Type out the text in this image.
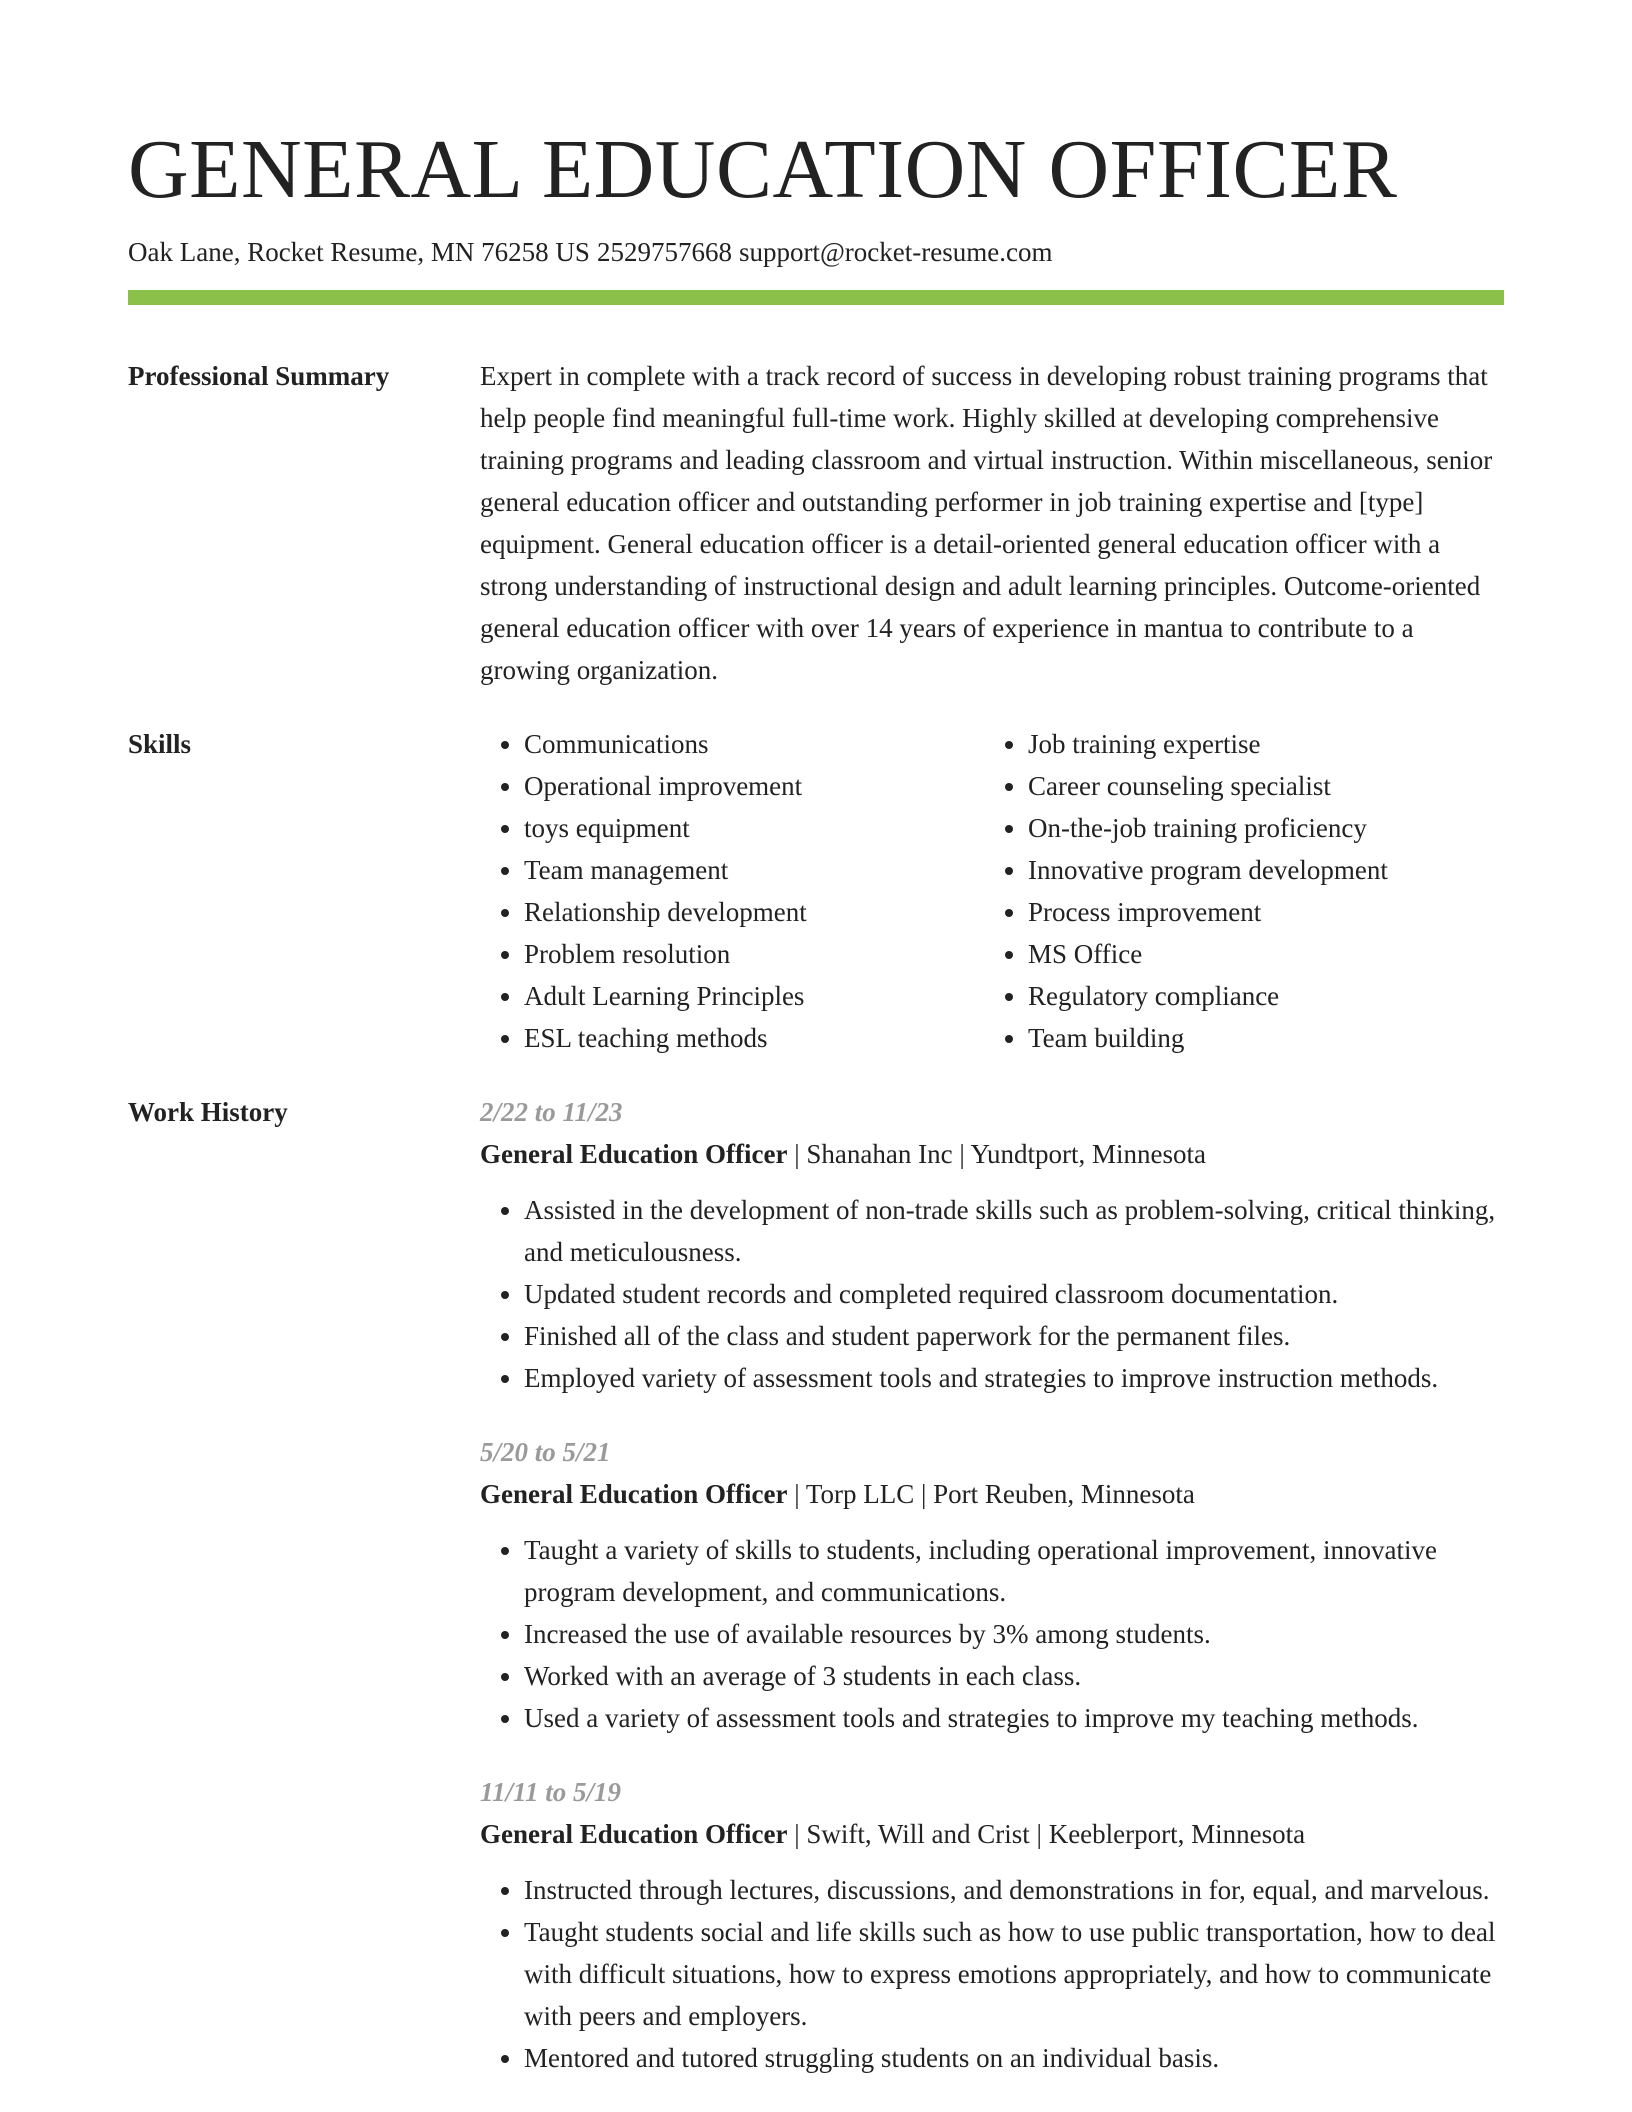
GENERAL EDUCATION OFFICER
Oak Lane, Rocket Resume, MN 76258 US 2529757668 support@rocket-resume.com
Professional Summary	Expert in complete with a track record of success in developing robust training programs that help people find meaningful full-time work. Highly skilled at developing comprehensive training programs and leading classroom and virtual instruction. Within miscellaneous, senior general education officer and outstanding performer in job training expertise and [type] equipment. General education officer is a detail-oriented general education officer with a strong understanding of instructional design and adult learning principles. Outcome-oriented general education officer with over 14 years of experience in mantua to contribute to a growing organization.

Skills
•	Communications
• Operational improvement
• toys equipment
• Team management
• Relationship development
• Problem resolution
• Adult Learning Principles
• ESL teaching methods
• Job training expertise
• Career counseling specialist
• On-the-job training proficiency
• Innovative program development
• Process improvement
• MS Office
• Regulatory compliance
• Team building
Work History	2/22 to 11/23
General Education Officer | Shanahan Inc | Yundtport, Minnesota
• Assisted in the development of non-trade skills such as problem-solving, critical thinking, and meticulousness.
• Updated student records and completed required classroom documentation.
• Finished all of the class and student paperwork for the permanent files.
• Employed variety of assessment tools and strategies to improve instruction methods.
5/20 to 5/21
General Education Officer | Torp LLC | Port Reuben, Minnesota
• Taught a variety of skills to students, including operational improvement, innovative program development, and communications.
• Increased the use of available resources by 3% among students.
• Worked with an average of 3 students in each class.
• Used a variety of assessment tools and strategies to improve my teaching methods.
11/11 to 5/19
General Education Officer | Swift, Will and Crist | Keeblerport, Minnesota
• Instructed through lectures, discussions, and demonstrations in for, equal, and marvelous.
• Taught students social and life skills such as how to use public transportation, how to deal with difficult situations, how to express emotions appropriately, and how to communicate with peers and employers.
• Mentored and tutored struggling students on an individual basis.
